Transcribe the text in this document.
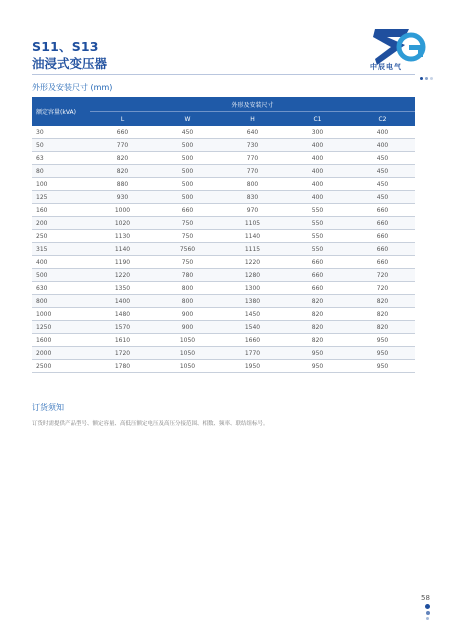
S11、S13
油浸式变压器	中辰电气
外形及安装尺寸 (mm)
额定容量(kVA)	外形及安装尺寸				
	L	W	H	C1	C2
30	660	450	640	300	400
50	770	500	730	400	400
63	820	500	770	400	450
80	820	500	770	400	450
100	880	500	800	400	450
125	930	500	830	400	450
160	1000	660	970	550	660
200	1020	750	1105	550	660
250	1130	750	1140	550	660
315	1140	7560	1115	550	660
400	1190	750	1220	660	660
500	1220	780	1280	660	720
630	1350	800	1300	660	720
800	1400	800	1380	820	820
1000	1480	900	1450	820	820
1250	1570	900	1540	820	820
1600	1610	1050	1660	820	950
2000	1720	1050	1770	950	950
2500	1780	1050	1950	950	950
订货须知
订货时需提供产品型号、额定容量、高低压额定电压及高压分接范围、相数、频率、联结组标号。
58
